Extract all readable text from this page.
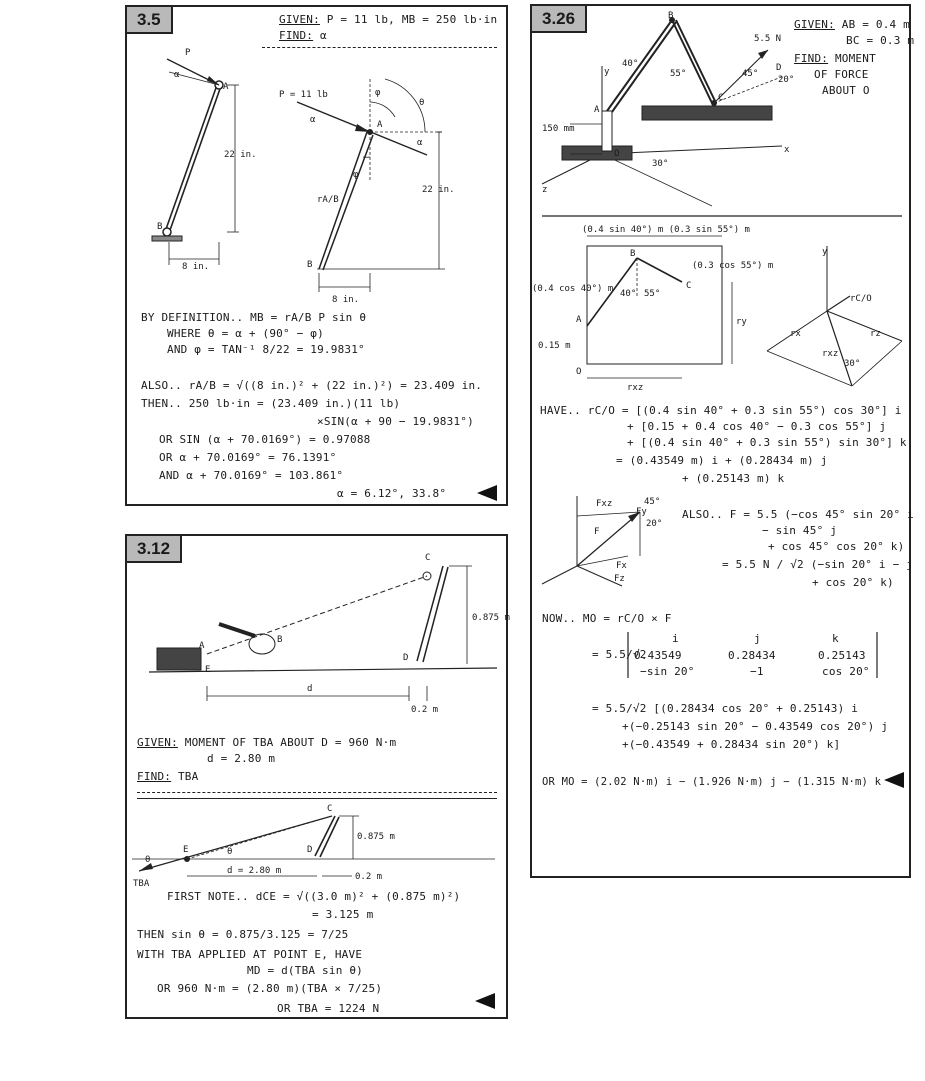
3.5	GIVEN: P = 11 lb, MB = 250 lb·in
FIND: α
P
A
B
α
22 in.
8 in.
P = 11 lb	φ
θ
A
α
α
φ
rA/B
22 in.
B
8 in.
BY DEFINITION.. MB = rA/B P sin θ
WHERE θ = α + (90° − φ)
AND φ = TAN⁻¹ 8/22 = 19.9831°
ALSO.. rA/B = √((8 in.)² + (22 in.)²) = 23.409 in.
THEN.. 250 lb·in = (23.409 in.)(11 lb)
×SIN(α + 90 − 19.9831°)
OR SIN (α + 70.0169°) = 0.97088
OR α + 70.0169° = 76.1391°
AND α + 70.0169° = 103.861°
α = 6.12°, 33.8°
3.12	C
A
B
D
E
0.875 m
d
0.2 m
GIVEN: MOMENT OF TBA ABOUT D = 960 N·m
d = 2.80 m
FIND: TBA
C
E	D
θ
θ
0.875 m
d = 2.80 m
0.2 m
TBA
FIRST NOTE.. dCE = √((3.0 m)² + (0.875 m)²)
= 3.125 m
THEN sin θ = 0.875/3.125 = 7/25
WITH TBA APPLIED AT POINT E, HAVE
MD = d(TBA sin θ)
OR 960 N·m = (2.80 m)(TBA × 7/25)
OR TBA = 1224 N
3.26	GIVEN: AB = 0.4 m
BC = 0.3 m
FIND: MOMENT
OF FORCE
ABOUT O
5.5 N
B
C
D
A
O
y
x
z
40°
55°	45°
20°
30°
150 mm
(0.4 sin 40°) m (0.3 sin 55°) m
(0.4 cos 40°) m
(0.3 cos 55°) m
0.15 m
40° 55°
B
C
A
O
rxz
ry
y
rC/O
rx	rz
rxz
30°
Fxz	45°
20°
F
Fy
Fx
Fz
HAVE.. rC/O = [(0.4 sin 40° + 0.3 sin 55°) cos 30°] i
+ [0.15 + 0.4 cos 40° − 0.3 cos 55°] j
+ [(0.4 sin 40° + 0.3 sin 55°) sin 30°] k
= (0.43549 m) i + (0.28434 m) j
+ (0.25143 m) k
ALSO.. F = 5.5 (−cos 45° sin 20° i
− sin 45° j
+ cos 45° cos 20° k)
= 5.5 N / √2 (−sin 20° i − j
+ cos 20° k)
NOW.. MO = rC/O × F
= 5.5/√2
i	j	k
0.43549	0.28434	0.25143
−sin 20°	−1	cos 20°
= 5.5/√2 [(0.28434 cos 20° + 0.25143) i
+(−0.25143 sin 20° − 0.43549 cos 20°) j
+(−0.43549 + 0.28434 sin 20°) k]
OR MO = (2.02 N·m) i − (1.926 N·m) j − (1.315 N·m) k
